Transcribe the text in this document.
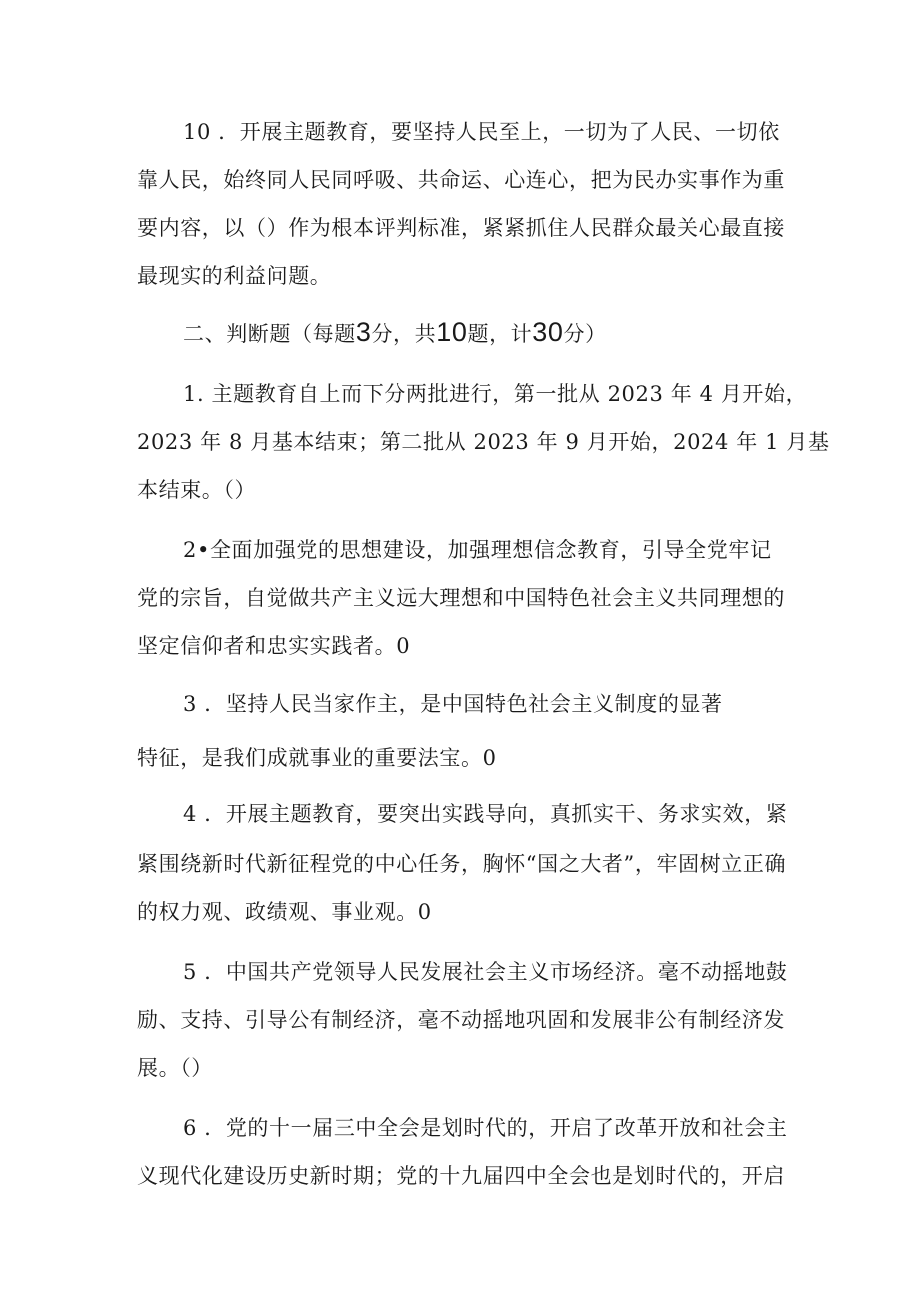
10 ．开展主题教育，要坚持人民至上，一切为了人民、一切依
靠人民，始终同人民同呼吸、共命运、心连心，把为民办实事作为重
要内容，以（）作为根本评判标准，紧紧抓住人民群众最关心最直接
最现实的利益问题。
二、判断题（每题3分，共10题，计30分）
1. 主题教育自上而下分两批进行，第一批从 2023 年 4 月开始，
2023 年 8 月基本结束；第二批从 2023 年 9 月开始，2024 年 1 月基
本结束。（）
2•全面加强党的思想建设，加强理想信念教育，引导全党牢记
党的宗旨，自觉做共产主义远大理想和中国特色社会主义共同理想的
坚定信仰者和忠实实践者。0
3 ．坚持人民当家作主，是中国特色社会主义制度的显著
特征，是我们成就事业的重要法宝。0
4 ．开展主题教育，要突出实践导向，真抓实干、务求实效，紧
紧围绕新时代新征程党的中心任务，胸怀“国之大者”，牢固树立正确
的权力观、政绩观、事业观。0
5 ．中国共产党领导人民发展社会主义市场经济。毫不动摇地鼓
励、支持、引导公有制经济，毫不动摇地巩固和发展非公有制经济发
展。（）
6 ．党的十一届三中全会是划时代的，开启了改革开放和社会主
义现代化建设历史新时期；党的十九届四中全会也是划时代的，开启
